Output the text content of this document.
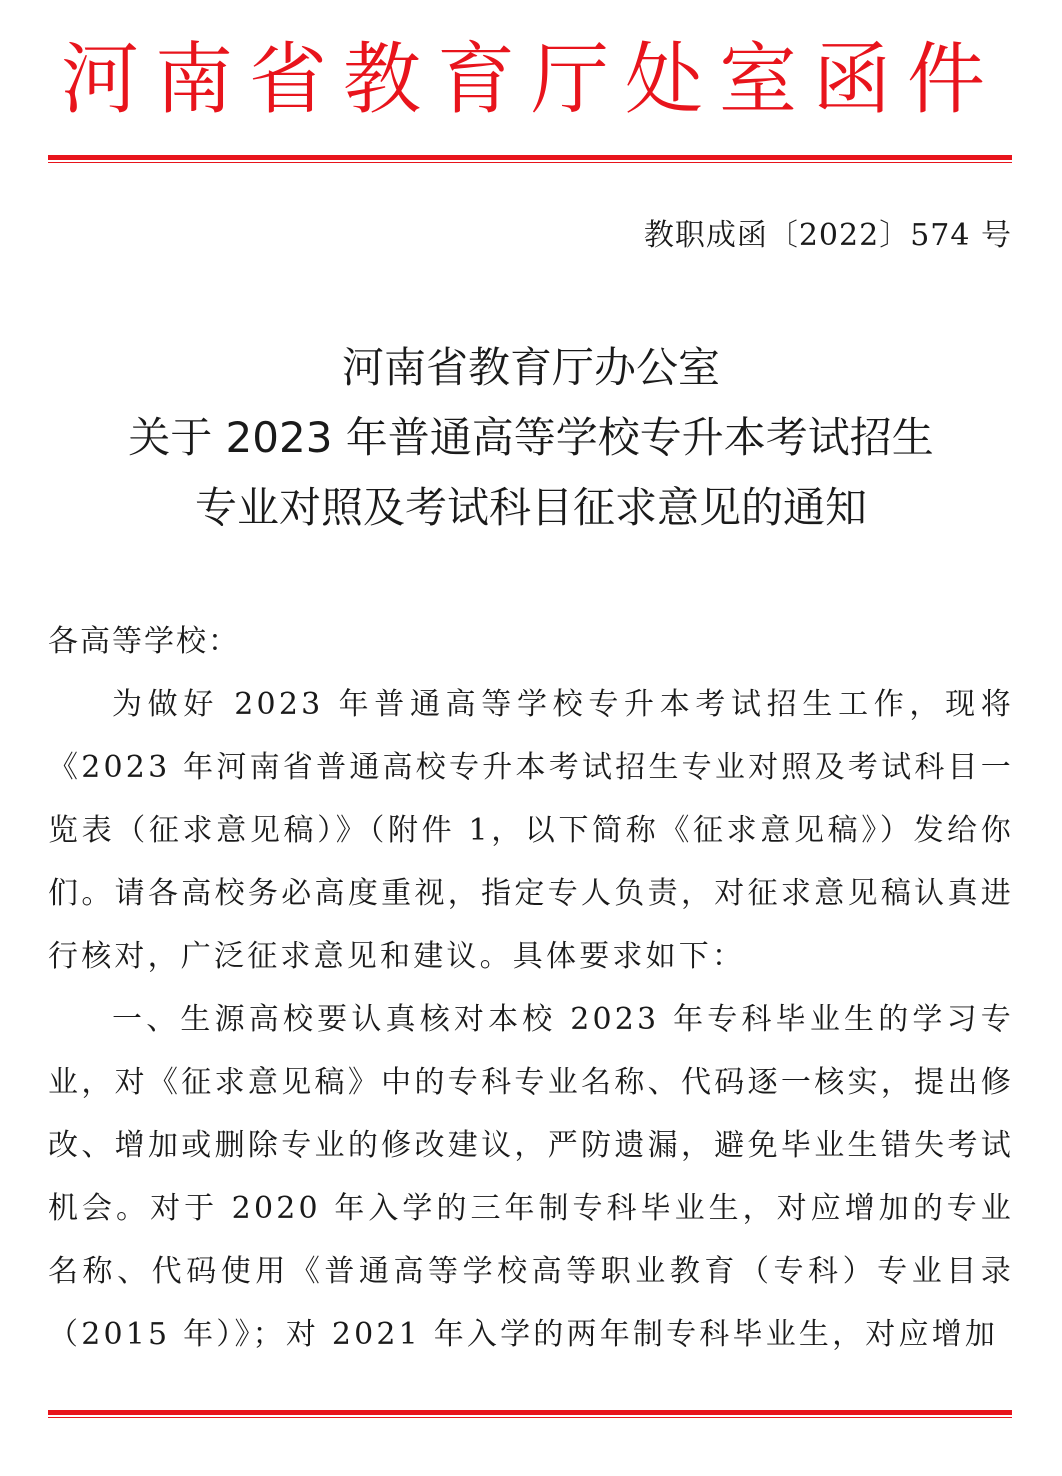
河南省教育厅处室函件
教职成函〔2022〕574 号
河南省教育厅办公室
关于 2023 年普通高等学校专升本考试招生
专业对照及考试科目征求意见的通知

各高等学校：

为做好 2023 年普通高等学校专升本考试招生工作，现将《2023 年河南省普通高校专升本考试招生专业对照及考试科目一览表（征求意见稿）》（附件 1，以下简称《征求意见稿》）发给你们。请各高校务必高度重视，指定专人负责，对征求意见稿认真进行核对，广泛征求意见和建议。具体要求如下：

一、生源高校要认真核对本校 2023 年专科毕业生的学习专业，对《征求意见稿》中的专科专业名称、代码逐一核实，提出修改、增加或删除专业的修改建议，严防遗漏，避免毕业生错失考试机会。对于 2020 年入学的三年制专科毕业生，对应增加的专业名称、代码使用《普通高等学校高等职业教育（专科）专业目录（2015 年）》；对 2021 年入学的两年制专科毕业生，对应增加
